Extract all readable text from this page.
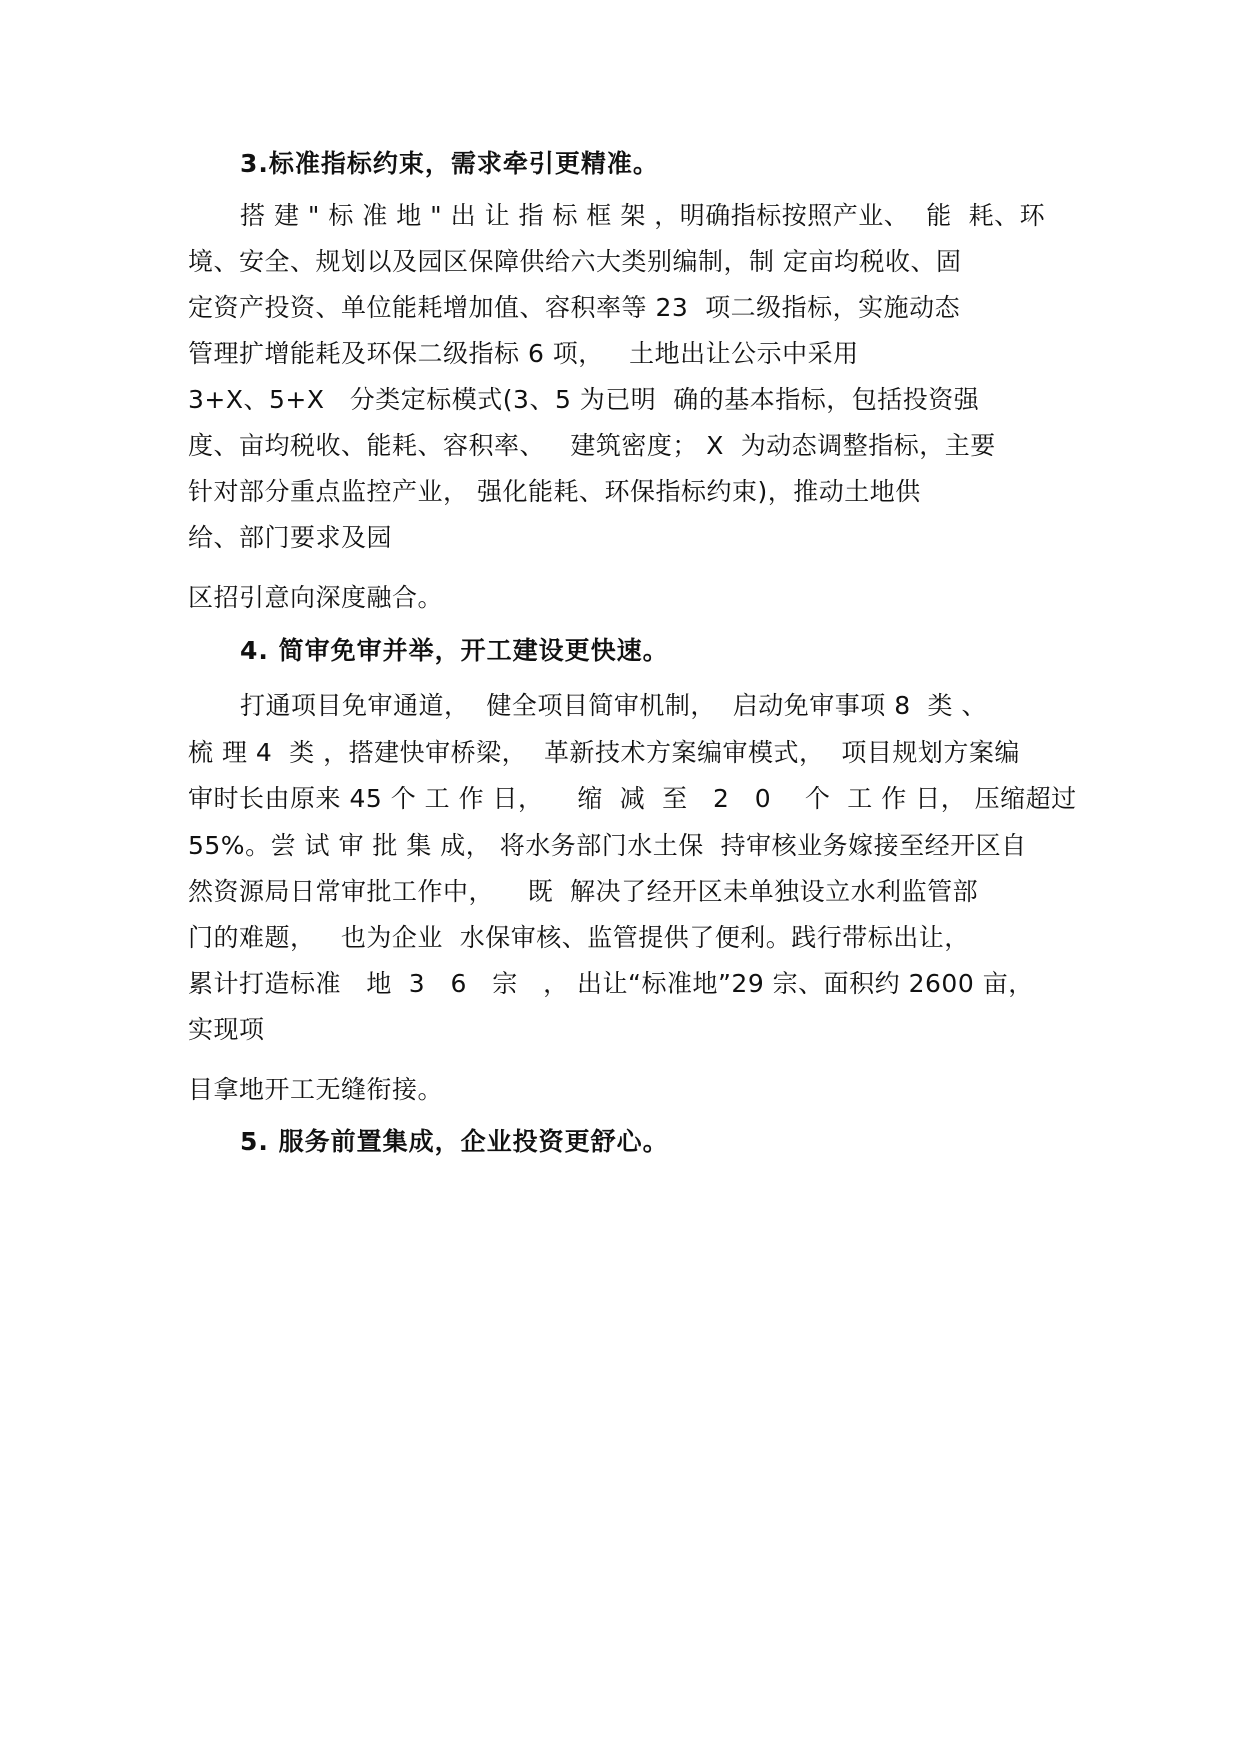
3.标准指标约束，需求牵引更精准。
搭 建 " 标 准 地 " 出 让 指 标 框 架 ，明确指标按照产业、  能  耗、环
境、安全、规划以及园区保障供给六大类别编制，制 定亩均税收、固
定资产投资、单位能耗增加值、容积率等 23  项二级指标，实施动态
管理扩增能耗及环保二级指标 6 项，   土地出让公示中采用
3+X、5+X   分类定标模式(3、5 为已明  确的基本指标，包括投资强
度、亩均税收、能耗、容积率、   建筑密度； X  为动态调整指标，主要
针对部分重点监控产业， 强化能耗、环保指标约束)，推动土地供
给、部门要求及园
区招引意向深度融合。
4. 简审免审并举，开工建设更快速。
打通项目免审通道，  健全项目简审机制，  启动免审事项 8  类 、
梳 理 4  类 ，搭建快审桥梁，  革新技术方案编审模式，  项目规划方案编
审时长由原来 45 个 工 作 日，    缩  减  至   2   0    个  工 作 日， 压缩超过
55%。尝 试 审 批 集 成， 将水务部门水土保  持审核业务嫁接至经开区自
然资源局日常审批工作中，    既  解决了经开区未单独设立水利监管部
门的难题，   也为企业  水保审核、监管提供了便利。践行带标出让，
累计打造标准   地  3   6   宗   ， 出让“标准地”29 宗、面积约 2600 亩，
实现项
目拿地开工无缝衔接。
5. 服务前置集成，企业投资更舒心。
